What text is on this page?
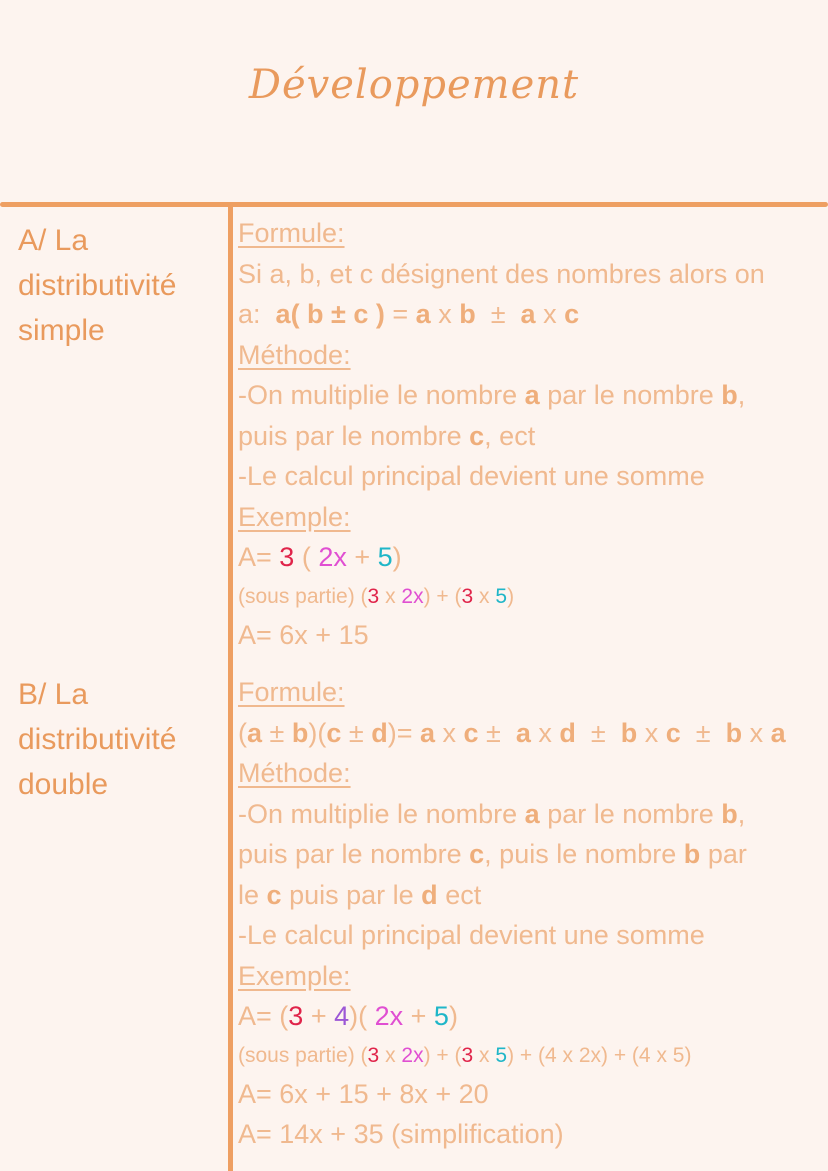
Développement
A/ La
distributivité
simple
Formule:
Si a, b, et c désignent des nombres alors on
a: a( b ± c ) = a x b  ±  a x c
Méthode:
-On multiplie le nombre a par le nombre b,
puis par le nombre c, ect
-Le calcul principal devient une somme
Exemple:
A= 3 ( 2x + 5)
(sous partie) (3 x 2x) + (3 x 5)
A= 6x + 15
B/ La
distributivité
double
Formule:
(a ± b)(c ± d)= a x c ±  a x d  ±  b x c  ±  b x a
Méthode:
-On multiplie le nombre a par le nombre b,
puis par le nombre c, puis le nombre b par
le c puis par le d ect
-Le calcul principal devient une somme
Exemple:
A= (3 + 4)( 2x + 5)
(sous partie) (3 x 2x) + (3 x 5) + (4 x 2x) + (4 x 5)
A= 6x + 15 + 8x + 20
A= 14x + 35 (simplification)
